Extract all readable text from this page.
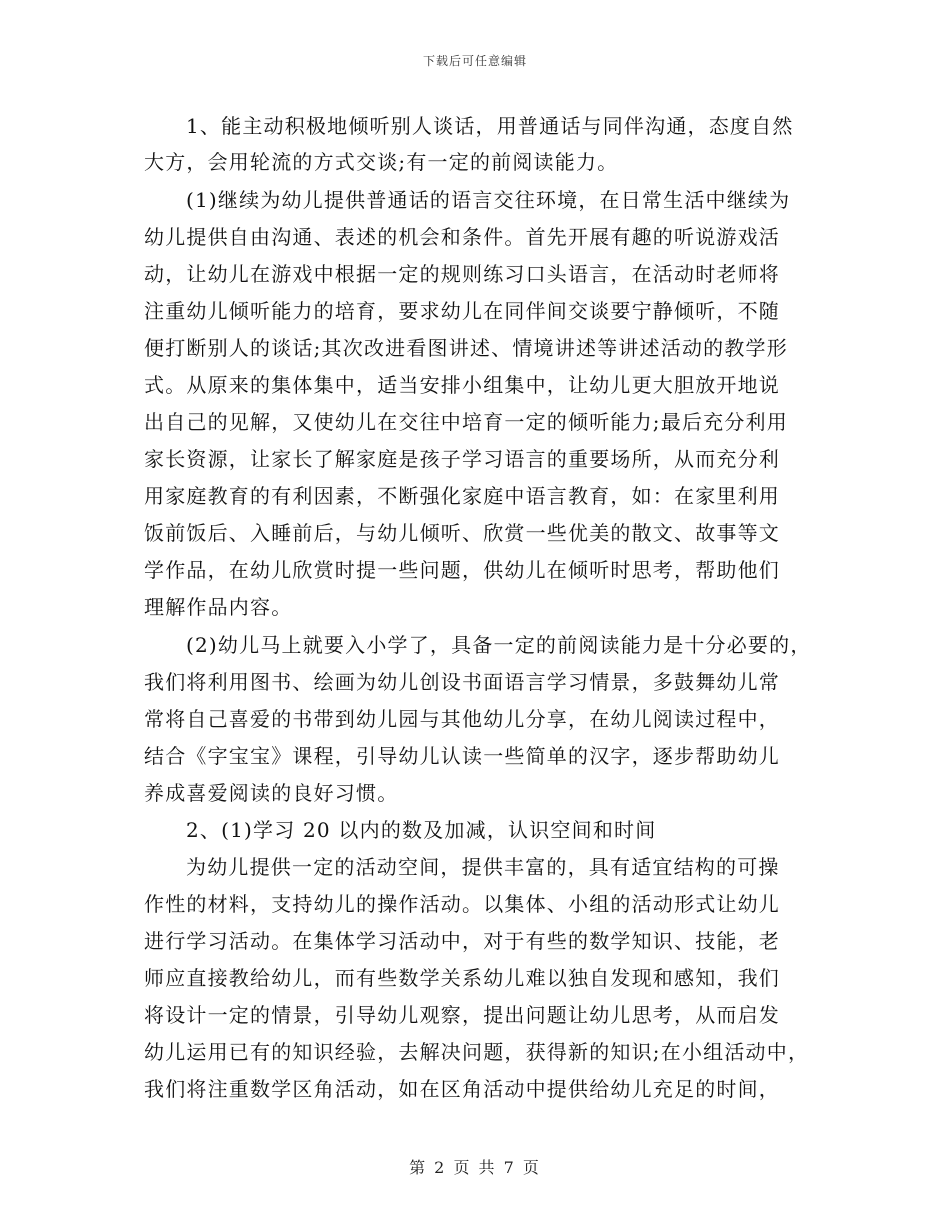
下载后可任意编辑
1、能主动积极地倾听别人谈话，用普通话与同伴沟通，态度自然
大方，会用轮流的方式交谈;有一定的前阅读能力。
(1)继续为幼儿提供普通话的语言交往环境，在日常生活中继续为
幼儿提供自由沟通、表述的机会和条件。首先开展有趣的听说游戏活
动，让幼儿在游戏中根据一定的规则练习口头语言，在活动时老师将
注重幼儿倾听能力的培育，要求幼儿在同伴间交谈要宁静倾听，不随
便打断别人的谈话;其次改进看图讲述、情境讲述等讲述活动的教学形
式。从原来的集体集中，适当安排小组集中，让幼儿更大胆放开地说
出自己的见解，又使幼儿在交往中培育一定的倾听能力;最后充分利用
家长资源，让家长了解家庭是孩子学习语言的重要场所，从而充分利
用家庭教育的有利因素，不断强化家庭中语言教育，如：在家里利用
饭前饭后、入睡前后，与幼儿倾听、欣赏一些优美的散文、故事等文
学作品，在幼儿欣赏时提一些问题，供幼儿在倾听时思考，帮助他们
理解作品内容。
(2)幼儿马上就要入小学了，具备一定的前阅读能力是十分必要的，
我们将利用图书、绘画为幼儿创设书面语言学习情景，多鼓舞幼儿常
常将自己喜爱的书带到幼儿园与其他幼儿分享，在幼儿阅读过程中，
结合《字宝宝》课程，引导幼儿认读一些简单的汉字，逐步帮助幼儿
养成喜爱阅读的良好习惯。
2、(1)学习 20 以内的数及加减，认识空间和时间
为幼儿提供一定的活动空间，提供丰富的，具有适宜结构的可操
作性的材料，支持幼儿的操作活动。以集体、小组的活动形式让幼儿
进行学习活动。在集体学习活动中，对于有些的数学知识、技能，老
师应直接教给幼儿，而有些数学关系幼儿难以独自发现和感知，我们
将设计一定的情景，引导幼儿观察，提出问题让幼儿思考，从而启发
幼儿运用已有的知识经验，去解决问题，获得新的知识;在小组活动中，
我们将注重数学区角活动，如在区角活动中提供给幼儿充足的时间，
第 2 页 共 7 页
